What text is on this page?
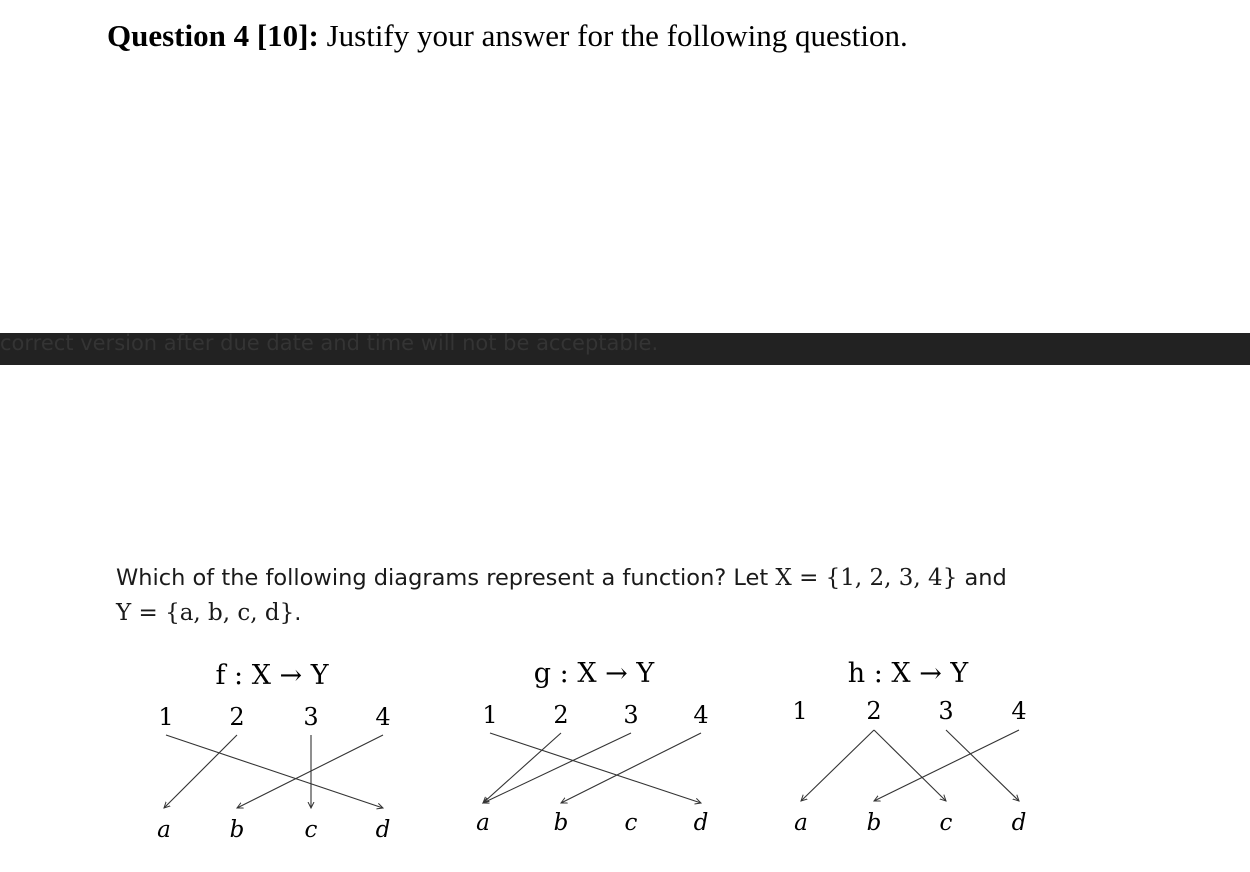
Question 4 [10]: Justify your answer for the following question.
correct version after due date and time will not be acceptable.
Which of the following diagrams represent a function? Let X = {1, 2, 3, 4} and
Y = {a, b, c, d}.
f : X → Y
1 2 3 4
a	b	c	d
g : X → Y
1 2 3 4
a	b c d
h : X → Y
1 2 3 4
a	b	c	d
